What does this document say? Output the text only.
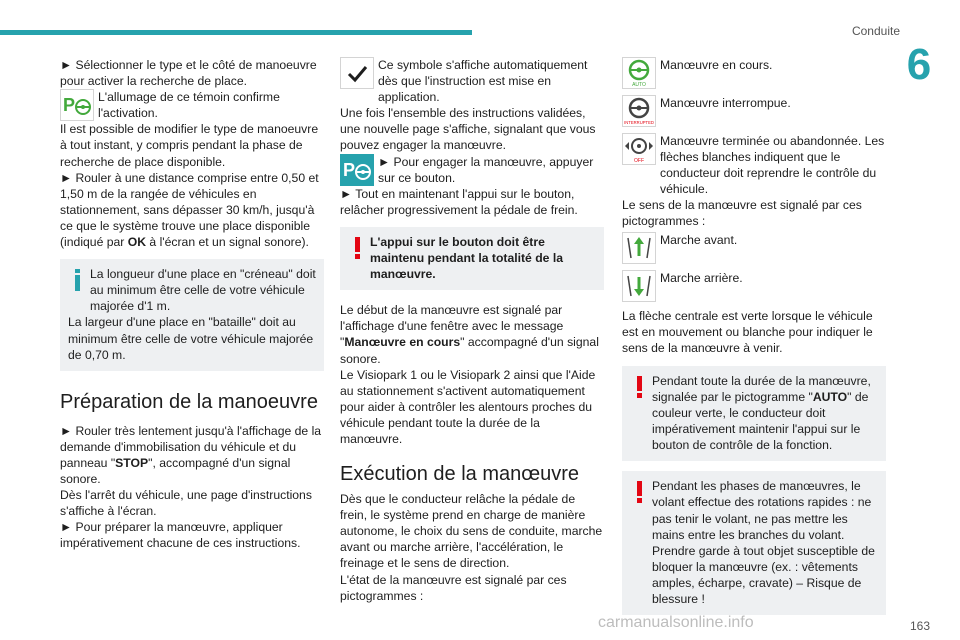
Conduite
6

► Sélectionner le type et le côté de manoeuvre pour activer la recherche de place.

P L'allumage de ce témoin confirme l'activation.

Il est possible de modifier le type de manoeuvre à tout instant, y compris pendant la phase de recherche de place disponible.

► Rouler à une distance comprise entre 0,50 et 1,50 m de la rangée de véhicules en stationnement, sans dépasser 30 km/h, jusqu'à ce que le système trouve une place disponible (indiqué par OK à l'écran et un signal sonore).

La longueur d'une place en "créneau" doit au minimum être celle de votre véhicule majorée d'1 m.

La largeur d'une place en "bataille" doit au minimum être celle de votre véhicule majorée de 0,70 m.

Préparation de la manoeuvre

► Rouler très lentement jusqu'à l'affichage de la demande d'immobilisation du véhicule et du panneau "STOP", accompagné d'un signal sonore.

Dès l'arrêt du véhicule, une page d'instructions s'affiche à l'écran.

► Pour préparer la manœuvre, appliquer impérativement chacune de ces instructions.

Ce symbole s'affiche automatiquement dès que l'instruction est mise en application.

Une fois l'ensemble des instructions validées, une nouvelle page s'affiche, signalant que vous pouvez engager la manœuvre.

P ► Pour engager la manœuvre, appuyer sur ce bouton.

► Tout en maintenant l'appui sur le bouton, relâcher progressivement la pédale de frein.

L'appui sur le bouton doit être maintenu pendant la totalité de la manœuvre.

Le début de la manœuvre est signalé par l'affichage d'une fenêtre avec le message "Manœuvre en cours" accompagné d'un signal sonore.

Le Visiopark 1 ou le Visiopark 2 ainsi que l'Aide au stationnement s'activent automatiquement pour aider à contrôler les alentours proches du véhicule pendant toute la durée de la manœuvre.

Exécution de la manœuvre

Dès que le conducteur relâche la pédale de frein, le système prend en charge de manière autonome, le choix du sens de conduite, marche avant ou marche arrière, l'accélération, le freinage et le sens de direction.

L'état de la manœuvre est signalé par ces pictogrammes :

AUTO
Manœuvre en cours.
INTERRUPTED
Manœuvre interrompue.
OFF
Manœuvre terminée ou abandonnée. Les flèches blanches indiquent que le conducteur doit reprendre le contrôle du véhicule.

Le sens de la manœuvre est signalé par ces pictogrammes :

Marche avant.
Marche arrière.

La flèche centrale est verte lorsque le véhicule est en mouvement ou blanche pour indiquer le sens de la manœuvre à venir.

Pendant toute la durée de la manœuvre, signalée par le pictogramme "AUTO" de couleur verte, le conducteur doit impérativement maintenir l'appui sur le bouton de contrôle de la fonction.

Pendant les phases de manœuvres, le volant effectue des rotations rapides : ne pas tenir le volant, ne pas mettre les mains entre les branches du volant. Prendre garde à tout objet susceptible de bloquer la manœuvre (ex. : vêtements amples, écharpe, cravate) – Risque de blessure !

carmanualsonline.info	163
